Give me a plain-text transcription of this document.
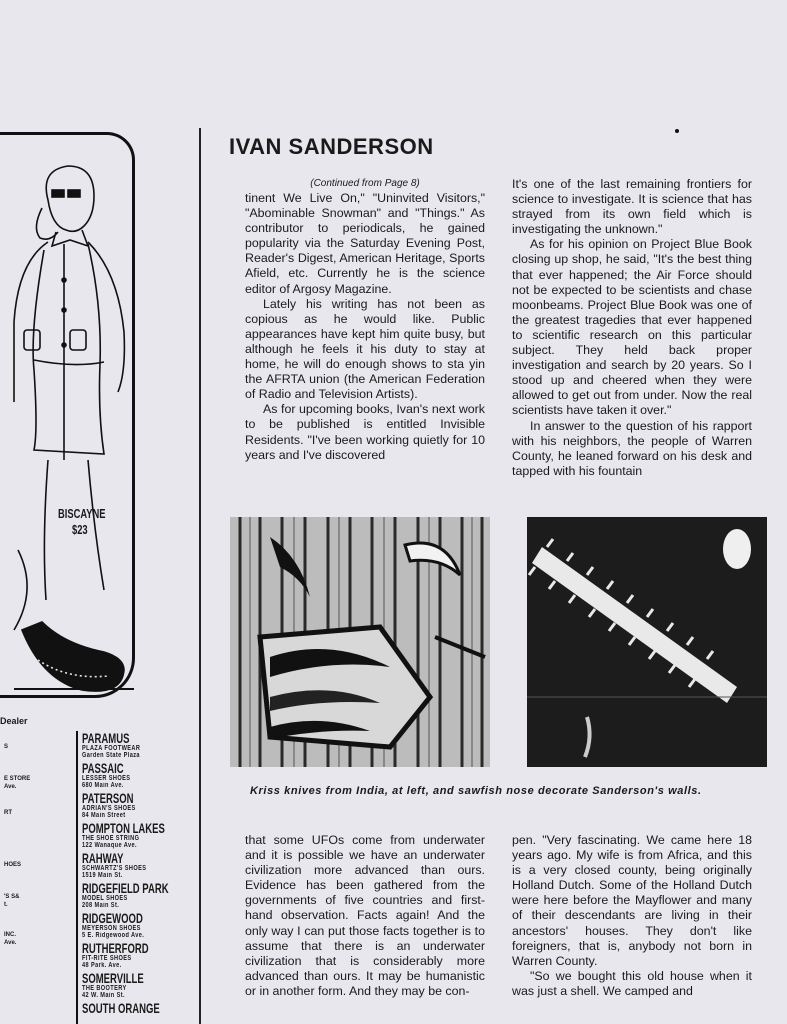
BISCAYNE
$23
Dealer
S
E STORE
Ave.
RT
HOES
'S S&
t.
INC.
Ave.
PARAMUS
PLAZA FOOTWEAR
Garden State Plaza
PASSAIC
LESSER SHOES
680 Main Ave.
PATERSON
ADRIAN'S SHOES
84 Main Street
POMPTON LAKES
THE SHOE STRING
122 Wanaque Ave.
RAHWAY
SCHWARTZ'S SHOES
1519 Main St.
RIDGEFIELD PARK
MODEL SHOES
208 Main St.
RIDGEWOOD
MEYERSON SHOES
5 E. Ridgewood Ave.
RUTHERFORD
FIT-RITE SHOES
48 Park. Ave.
SOMERVILLE
THE BOOTERY
42 W. Main St.
SOUTH ORANGE
IVAN SANDERSON
(Continued from Page 8)

tinent We Live On," "Uninvited Visitors," "Abominable Snowman" and "Things." As contributor to periodicals, he gained popularity via the Saturday Evening Post, Reader's Digest, American Heritage, Sports Afield, etc. Currently he is the science editor of Argosy Magazine.

Lately his writing has not been as copious as he would like. Public appearances have kept him quite busy, but although he feels it his duty to stay at home, he will do enough shows to sta yin the AFRTA union (the American Federation of Radio and Television Artists).

As for upcoming books, Ivan's next work to be published is entitled Invisible Residents. "I've been working quietly for 10 years and I've discovered

It's one of the last remaining frontiers for science to investigate. It is science that has strayed from its own field which is investigating the unknown."

As for his opinion on Project Blue Book closing up shop, he said, "It's the best thing that ever happened; the Air Force should not be expected to be scientists and chase moonbeams. Project Blue Book was one of the greatest tragedies that ever happened to scientific research on this particular subject. They held back proper investigation and search by 20 years. So I stood up and cheered when they were allowed to get out from under. Now the real scientists have taken it over."

In answer to the question of his rapport with his neighbors, the people of Warren County, he leaned forward on his desk and tapped with his fountain

Kriss knives from India, at left, and sawfish nose decorate Sanderson's walls.

that some UFOs come from underwater and it is possible we have an underwater civilization more advanced than ours. Evidence has been gathered from the governments of five countries and first-hand observation. Facts again! And the only way I can put those facts together is to assume that there is an underwater civilization that is considerably more advanced than ours. It may be humanistic or in another form. And they may be con-

pen. "Very fascinating. We came here 18 years ago. My wife is from Africa, and this is a very closed county, being originally Holland Dutch. Some of the Holland Dutch were here before the Mayflower and many of their descendants are living in their ancestors' houses. They don't like foreigners, that is, anybody not born in Warren County.

"So we bought this old house when it was just a shell. We camped and
